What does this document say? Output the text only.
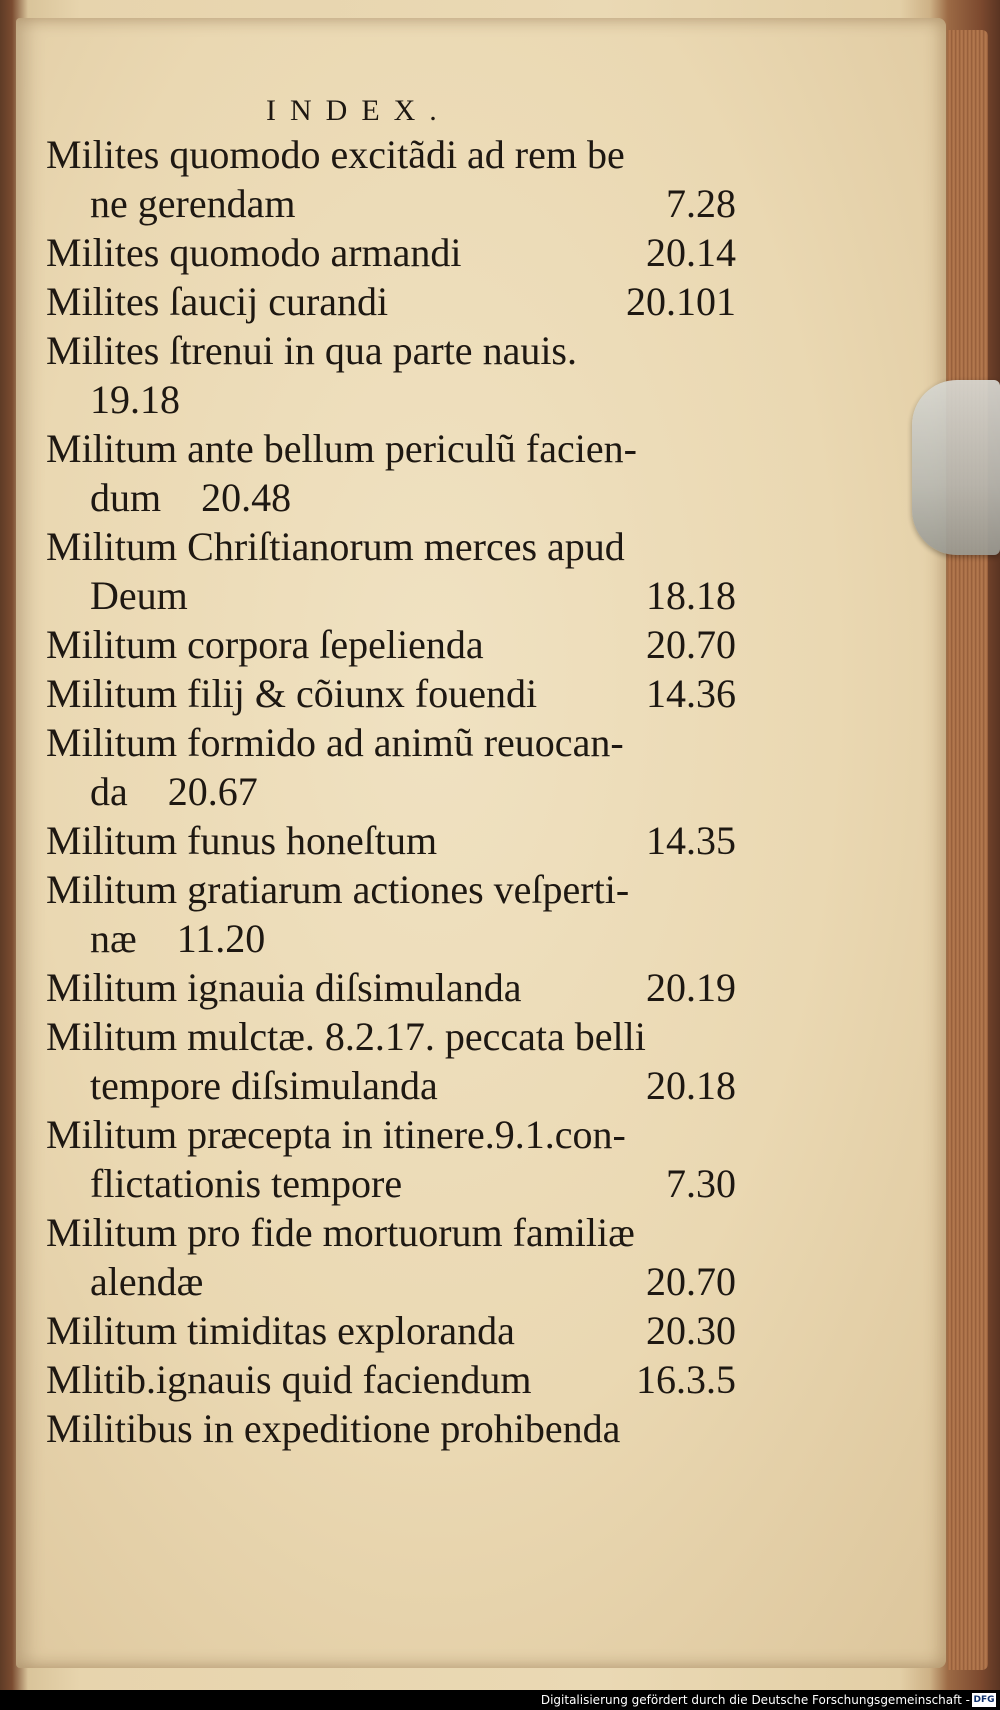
INDEX.
Milites quomodo excitãdi ad rem be
ne gerendam	7.28
Milites quomodo armandi	20.14
Milites ſaucij curandi	20.101
Milites ſtrenui in qua parte nauis.
19.18
Militum ante bellum periculũ facien-
dum	20.48
Militum Chriſtianorum merces apud
Deum	18.18
Militum corpora ſepelienda	20.70
Militum filij & cõiunx fouendi	14.36
Militum formido ad animũ reuocan-
da	20.67
Militum funus honeſtum	14.35
Militum gratiarum actiones veſperti-
næ	11.20
Militum ignauia diſsimulanda	20.19
Militum mulctæ. 8.2.17. peccata belli
tempore diſsimulanda	20.18
Militum præcepta in itinere.9.1.con-
flictationis tempore	7.30
Militum pro fide mortuorum familiæ
alendæ	20.70
Militum timiditas exploranda	20.30
Mlitib.ignauis quid faciendum	16.3.5
Militibus in expeditione prohibenda
Digitalisierung gefördert durch die Deutsche Forschungsgemeinschaft - DFG
